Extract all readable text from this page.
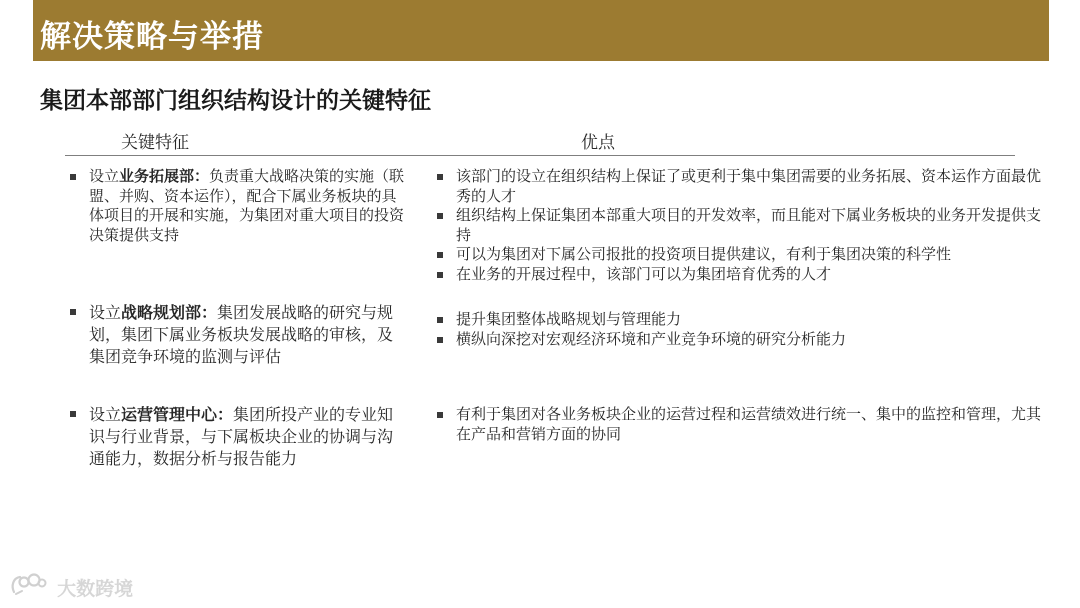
解决策略与举措
集团本部部门组织结构设计的关键特征
关键特征	优点
设立业务拓展部：负责重大战略决策的实施（联盟、并购、资本运作），配合下属业务板块的具体项目的开展和实施，为集团对重大项目的投资决策提供支持
该部门的设立在组织结构上保证了或更利于集中集团需要的业务拓展、资本运作方面最优秀的人才
组织结构上保证集团本部重大项目的开发效率，而且能对下属业务板块的业务开发提供支持
可以为集团对下属公司报批的投资项目提供建议，有利于集团决策的科学性
在业务的开展过程中，该部门可以为集团培育优秀的人才
设立战略规划部：集团发展战略的研究与规划，集团下属业务板块发展战略的审核，及集团竞争环境的监测与评估
提升集团整体战略规划与管理能力
横纵向深挖对宏观经济环境和产业竞争环境的研究分析能力
设立运营管理中心：集团所投产业的专业知识与行业背景，与下属板块企业的协调与沟通能力，数据分析与报告能力
有利于集团对各业务板块企业的运营过程和运营绩效进行统一、集中的监控和管理，尤其在产品和营销方面的协同
大数跨境
